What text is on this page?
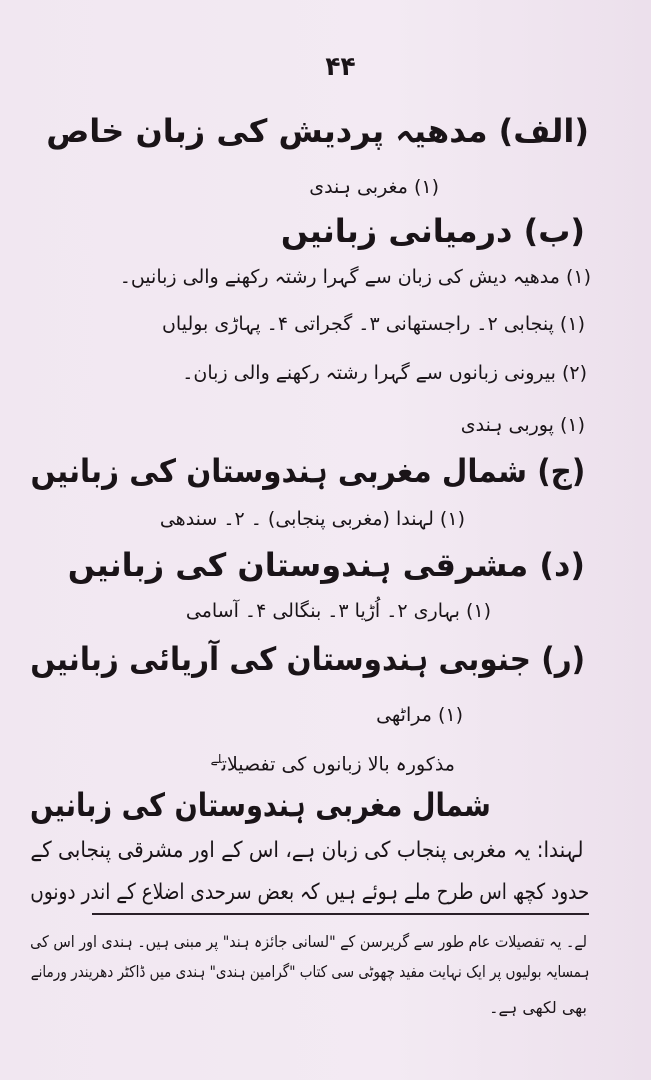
۴۴
(الف) مدھیہ پردیش کی زبان خاص
(۱) مغربی ہندی
(ب) درمیانی زبانیں
(۱) مدھیہ دیش کی زبان سے گہرا رشتہ رکھنے والی زبانیں۔
(۱) پنجابی ۲۔ راجستھانی ۳۔ گجراتی ۴۔ پہاڑی بولیاں
(۲) بیرونی زبانوں سے گہرا رشتہ رکھنے والی زبان۔
(۱) پوربی ہندی
(ج) شمال مغربی ہندوستان کی زبانیں
(۱) لہندا (مغربی پنجابی) ۔ ۲۔ سندھی
(د) مشرقی ہندوستان کی زبانیں
(۱) بہاری ۲۔ اُڑیا ۳۔ بنگالی ۴۔ آسامی
(ر) جنوبی ہندوستان کی آریائی زبانیں
(۱) مراٹھی
مذکورہ بالا زبانوں کی تفصیلات$^{لے}$
شمال مغربی ہندوستان کی زبانیں
لہندا: یہ مغربی پنجاب کی زبان ہے، اس کے اور مشرقی پنجابی کے
حدود کچھ اس طرح ملے ہوئے ہیں کہ بعض سرحدی اضلاع کے اندر دونوں
لے۔ یہ تفصیلات عام طور سے گریرسن کے "لسانی جائزہ ہند" پر مبنی ہیں۔ ہندی اور اس کی
ہمسایہ بولیوں پر ایک نہایت مفید چھوٹی سی کتاب "گرامین ہندی" ہندی میں ڈاکٹر دھریندر ورمانے
بھی لکھی ہے۔
